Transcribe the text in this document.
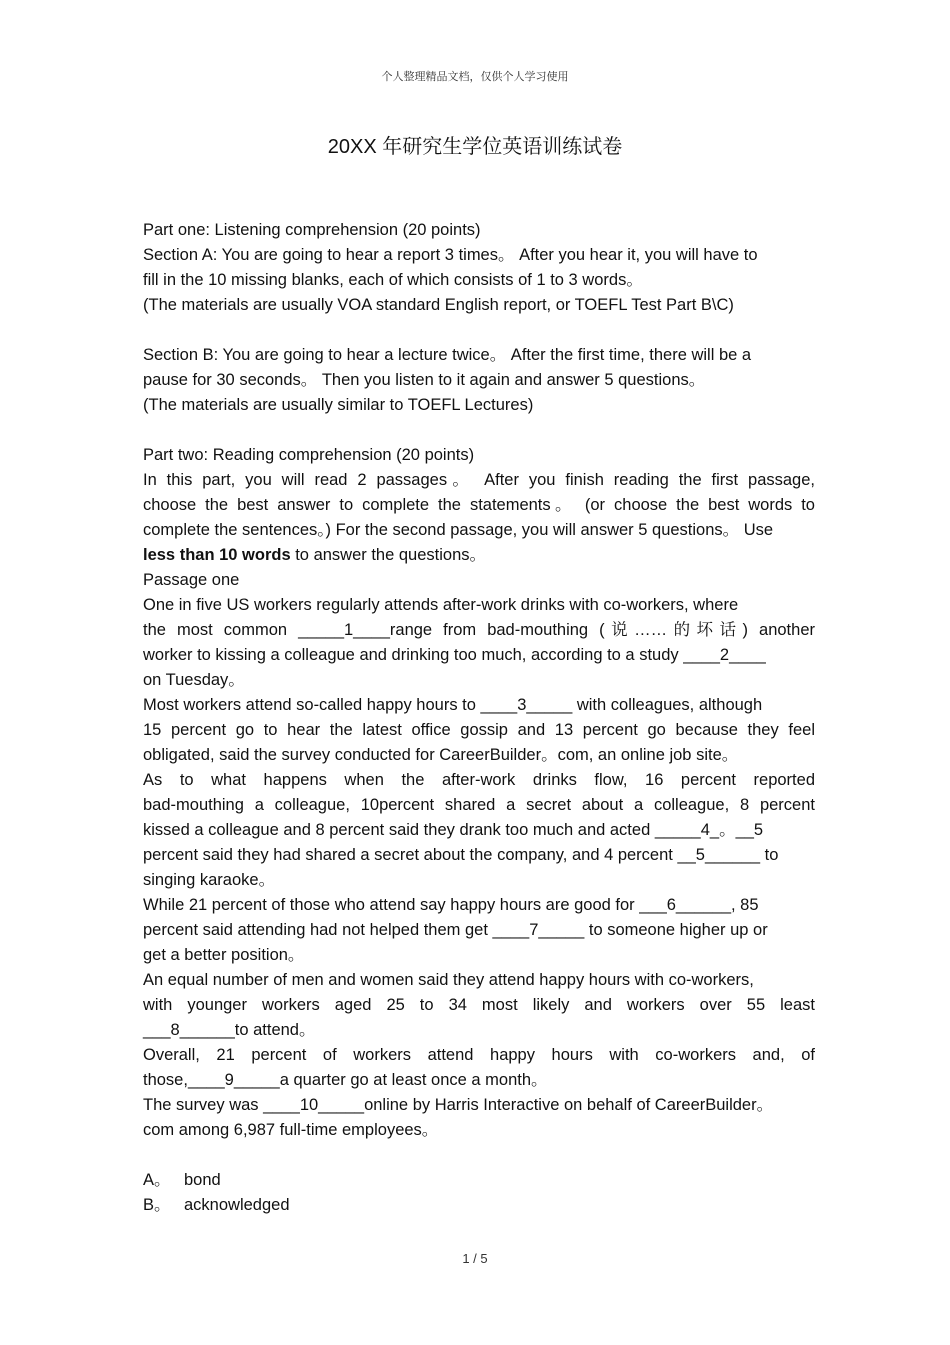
个人整理精品文档，仅供个人学习使用
20XX 年研究生学位英语训练试卷
Part one: Listening comprehension (20 points)
Section A: You are going to hear a report 3 times。 After you hear it, you will have to
fill in the 10 missing blanks, each of which consists of 1 to 3 words。
(The materials are usually VOA standard English report, or TOEFL Test Part B\C)
Section B: You are going to hear a lecture twice。 After the first time, there will be a
pause for 30 seconds。 Then you listen to it again and answer 5 questions。
(The materials are usually similar to TOEFL Lectures)
Part two: Reading comprehension (20 points)
In this part, you will read 2 passages。 After you finish reading the first passage,
choose the best answer to complete the statements。 (or choose the best words to
complete the sentences。) For the second passage, you will answer 5 questions。 Use
less than 10 words to answer the questions。
Passage one
One in five US workers regularly attends after-work drinks with co-workers, where
the most common _____1____range from bad-mouthing (说……的坏话) another
worker to kissing a colleague and drinking too much, according to a study ____2____
on Tuesday。
Most workers attend so-called happy hours to ____3_____ with colleagues, although
15 percent go to hear the latest office gossip and 13 percent go because they feel
obligated, said the survey conducted for CareerBuilder。com, an online job site。
As to what happens when the after-work drinks flow, 16 percent reported
bad-mouthing a colleague, 10percent shared a secret about a colleague, 8 percent
kissed a colleague and 8 percent said they drank too much and acted _____4_。__5
percent said they had shared a secret about the company, and 4 percent __5______ to
singing karaoke。
While 21 percent of those who attend say happy hours are good for ___6______, 85
percent said attending had not helped them get ____7_____ to someone higher up or
get a better position。
An equal number of men and women said they attend happy hours with co-workers,
with younger workers aged 25 to 34 most likely and workers over 55 least
___8______to attend。
Overall, 21 percent of workers attend happy hours with co-workers and, of
those,____9_____a quarter go at least once a month。
The survey was ____10_____online by Harris Interactive on behalf of CareerBuilder。
com among 6,987 full-time employees。
A。 bond
B。 acknowledged
1 / 5
